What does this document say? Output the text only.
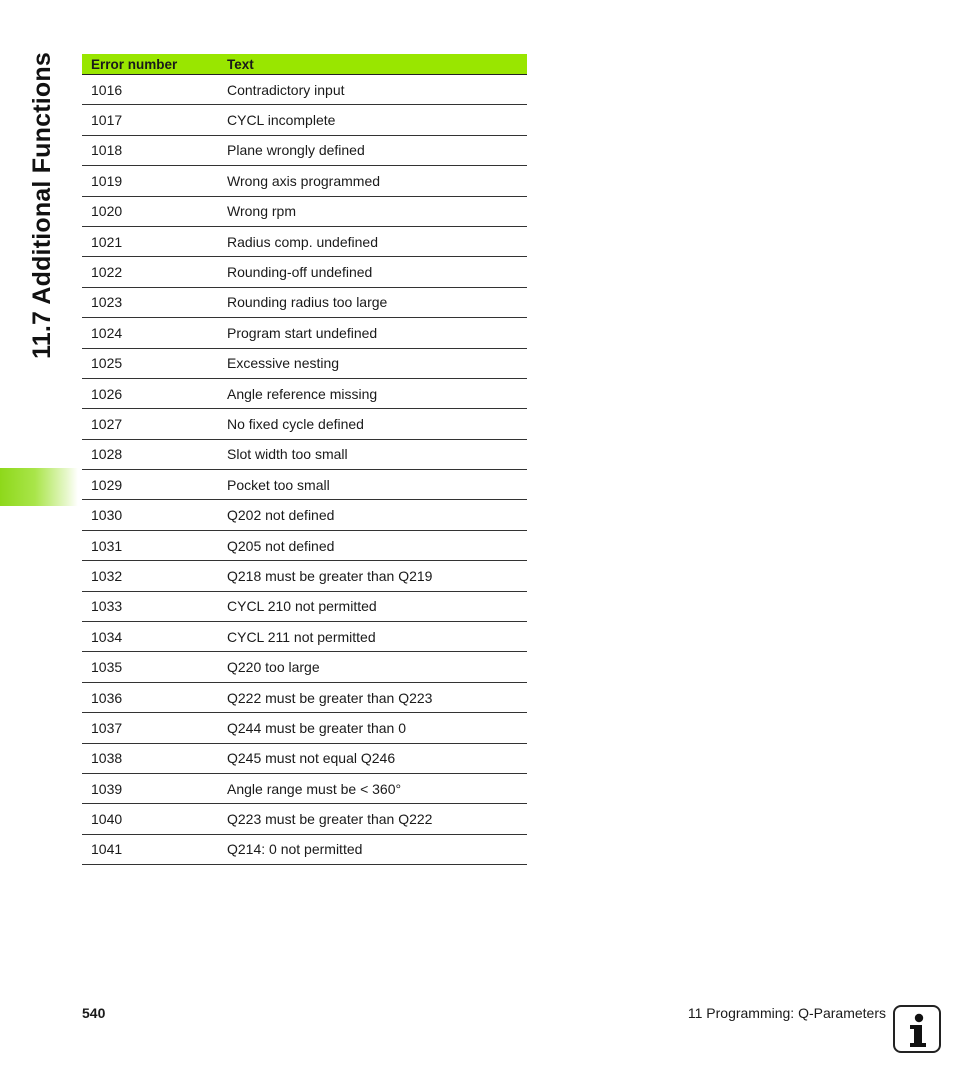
11.7 Additional Functions	Error number	Text
1016	Contradictory input
1017	CYCL incomplete
1018	Plane wrongly defined
1019	Wrong axis programmed
1020	Wrong rpm
1021	Radius comp. undefined
1022	Rounding-off undefined
1023	Rounding radius too large
1024	Program start undefined
1025	Excessive nesting
1026	Angle reference missing
1027	No fixed cycle defined
1028	Slot width too small
1029	Pocket too small
1030	Q202 not defined
1031	Q205 not defined
1032	Q218 must be greater than Q219
1033	CYCL 210 not permitted
1034	CYCL 211 not permitted
1035	Q220 too large
1036	Q222 must be greater than Q223
1037	Q244 must be greater than 0
1038	Q245 must not equal Q246
1039	Angle range must be < 360°
1040	Q223 must be greater than Q222
1041	Q214: 0 not permitted
540	11 Programming: Q-Parameters
